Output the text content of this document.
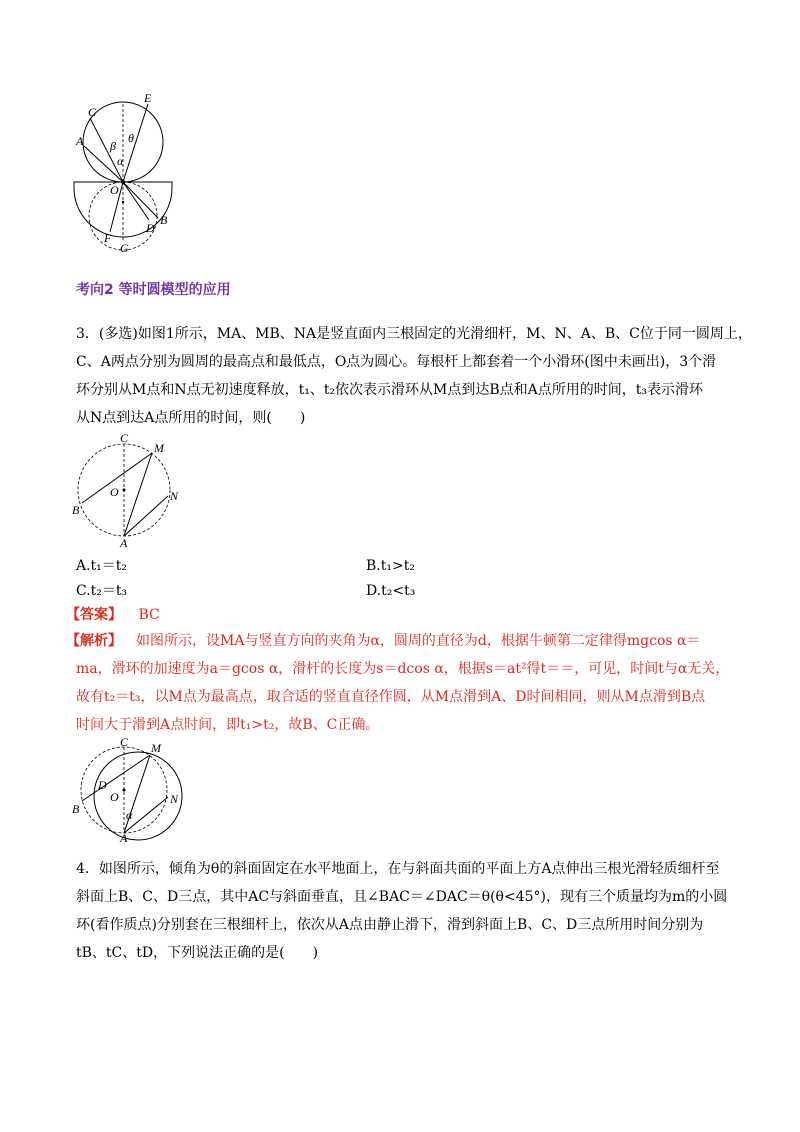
C
A
E
θ
β
α
O
B
D
F
G
考向2 等时圆模型的应用
3．(多选)如图1所示，MA、MB、NA是竖直面内三根固定的光滑细杆，M、N、A、B、C位于同一圆周上，
C、A两点分别为圆周的最高点和最低点，O点为圆心。每根杆上都套着一个小滑环(图中未画出)，3个滑
环分别从M点和N点无初速度释放，t₁、t₂依次表示滑环从M点到达B点和A点所用的时间，t₃表示滑环
从N点到达A点所用的时间，则(　　)
C
M
O	N
B
A
A.t₁＝t₂	B.t₁>t₂
C.t₂＝t₃	D.t₂<t₃
【答案】 BC
【解析】 如图所示，设MA与竖直方向的夹角为α，圆周的直径为d，根据牛顿第二定律得mgcos α＝
ma，滑环的加速度为a＝gcos α，滑杆的长度为s＝dcos α，根据s＝at²得t＝＝，可见，时间t与α无关，
故有t₂＝t₃，以M点为最高点，取合适的竖直直径作圆，从M点滑到A、D时间相同，则从M点滑到B点
时间大于滑到A点时间，即t₁>t₂，故B、C正确。
C M
D
O
α
N
B
A
4．如图所示，倾角为θ的斜面固定在水平地面上，在与斜面共面的平面上方A点伸出三根光滑轻质细杆至
斜面上B、C、D三点，其中AC与斜面垂直，且∠BAC＝∠DAC＝θ(θ<45°)，现有三个质量均为m的小圆
环(看作质点)分别套在三根细杆上，依次从A点由静止滑下，滑到斜面上B、C、D三点所用时间分别为
tB、tC、tD，下列说法正确的是(　　)
